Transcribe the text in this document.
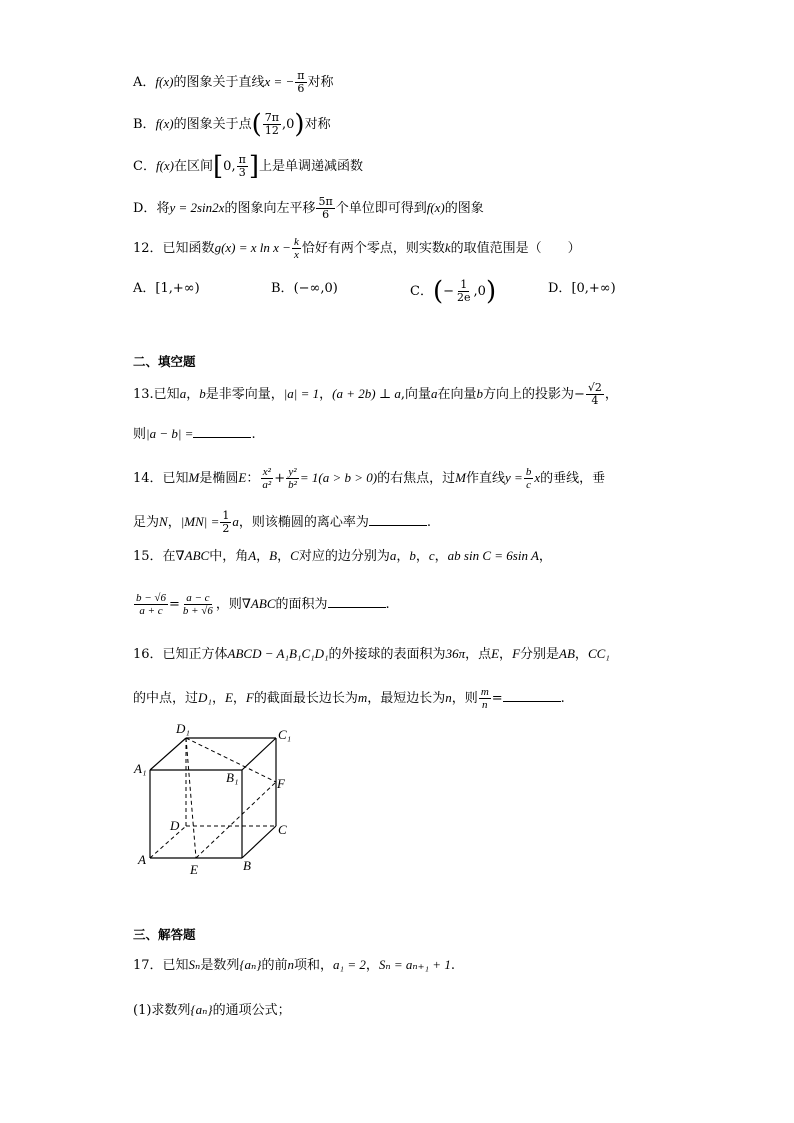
A．f(x)的图象关于直线x = − $\frac{\pi}{6}$ 对称
B．f(x)的图象关于点( $\frac{7\pi}{12} ,0$)对称
C．f(x)在区间[0, $\frac{\pi}{3}$ ]上是单调递减函数
D．将y = 2sin2x的图象向左平移 $\frac{5\pi}{6}$ 个单位即可得到f(x)的图象
12．已知函数g(x) = x $\ln x - \frac{k}{x}$ 恰好有两个零点，则实数k的取值范围是（　　）
A．[1,+∞)	B．(−∞,0)	C．(− $\frac{1}{2e} ,0$)	D．[0,+∞)
二、填空题
13.已知a，b是非零向量，|a| = 1，(a + 2b) ⊥ a,向量a在向量b方向上的投影为− $\frac{√2}{4}$ ，
则|a − b| =	.
14．已知M是椭圆E： $\frac{\text{x²}}{\text{a²}} + \frac{\text{y²}}{\text{b²}} = 1(a > b > 0)$的右焦点，过M作直线$y = \frac{b}{c}$ x的垂线，垂
足为N，$|MN| = \frac{1}{2}$ a，则该椭圆的离心率为	.
15．在∇ABC中，角A，B，C对应的边分别为a，b，c，ab sin C = 6sin A，
$\frac{b - √6}{a + c} = \frac{a - c}{b + √6}$ ，则∇ABC的面积为	.
16．已知正方体ABCD − A₁B₁C₁D₁的外接球的表面积为36π，点E，F分别是AB，CC₁
的中点，过D₁，E，F的截面最长边长为m，最短边长为n，则 $\frac{m}{n}$ =	.
D₁	C₁
A₁
B₁	F
D	C
A
E	B
三、解答题
17．已知Sₙ是数列{aₙ}的前n项和，a₁ = 2，Sₙ = aₙ₊₁ + 1.
(1)求数列{aₙ}的通项公式；
